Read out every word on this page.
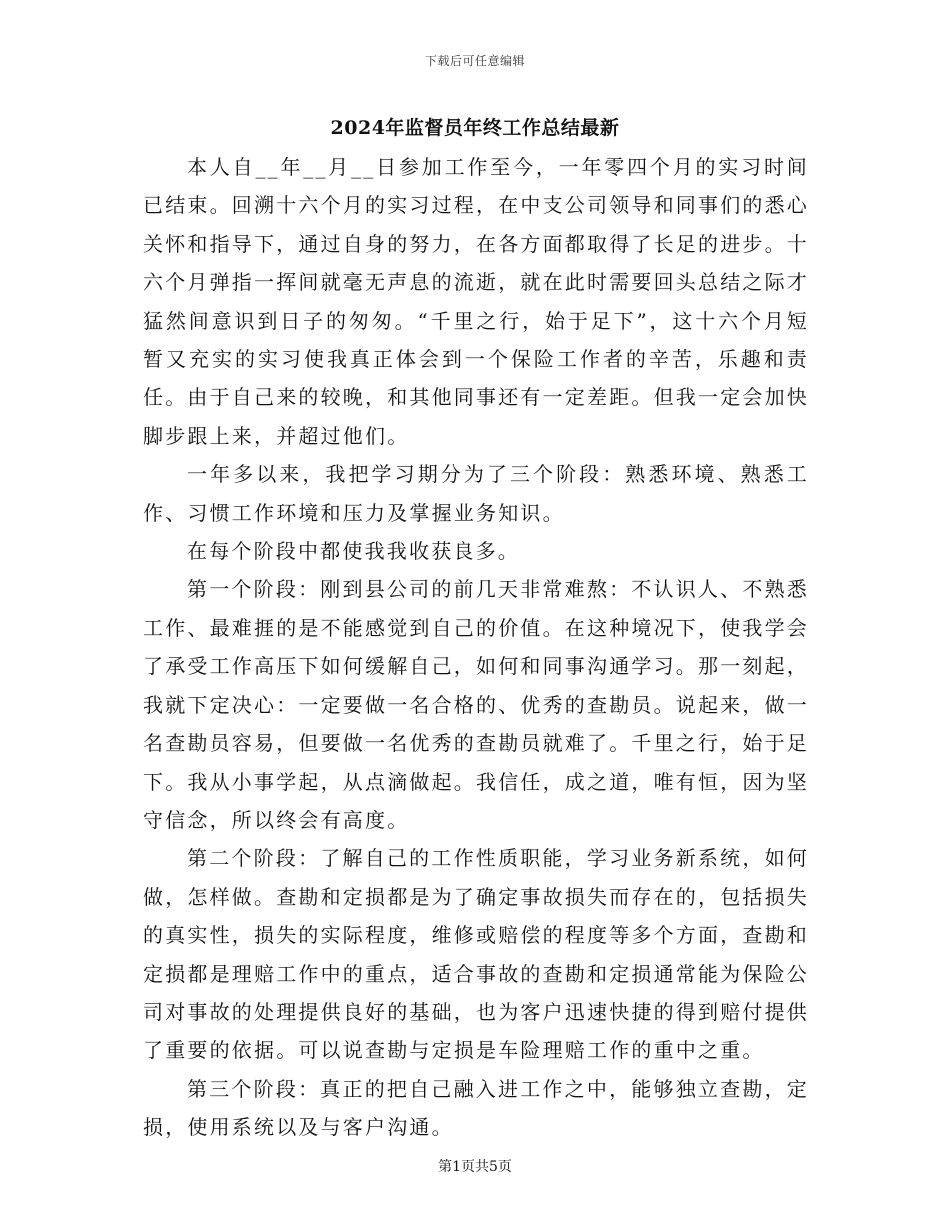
下载后可任意编辑
2024年监督员年终工作总结最新

本人自__年__月__日参加工作至今，一年零四个月的实习时间已结束。回溯十六个月的实习过程，在中支公司领导和同事们的悉心关怀和指导下，通过自身的努力，在各方面都取得了长足的进步。十六个月弹指一挥间就毫无声息的流逝，就在此时需要回头总结之际才猛然间意识到日子的匆匆。“千里之行，始于足下”，这十六个月短暂又充实的实习使我真正体会到一个保险工作者的辛苦，乐趣和责任。由于自己来的较晚，和其他同事还有一定差距。但我一定会加快脚步跟上来，并超过他们。

一年多以来，我把学习期分为了三个阶段：熟悉环境、熟悉工作、习惯工作环境和压力及掌握业务知识。

在每个阶段中都使我我收获良多。

第一个阶段：刚到县公司的前几天非常难熬：不认识人、不熟悉工作、最难捱的是不能感觉到自己的价值。在这种境况下，使我学会了承受工作高压下如何缓解自己，如何和同事沟通学习。那一刻起，我就下定决心：一定要做一名合格的、优秀的查勘员。说起来，做一名查勘员容易，但要做一名优秀的查勘员就难了。千里之行，始于足下。我从小事学起，从点滴做起。我信任，成之道，唯有恒，因为坚守信念，所以终会有高度。

第二个阶段：了解自己的工作性质职能，学习业务新系统，如何做，怎样做。查勘和定损都是为了确定事故损失而存在的，包括损失的真实性，损失的实际程度，维修或赔偿的程度等多个方面，查勘和定损都是理赔工作中的重点，适合事故的查勘和定损通常能为保险公司对事故的处理提供良好的基础，也为客户迅速快捷的得到赔付提供了重要的依据。可以说查勘与定损是车险理赔工作的重中之重。

第三个阶段：真正的把自己融入进工作之中，能够独立查勘，定损，使用系统以及与客户沟通。

第1页共5页
